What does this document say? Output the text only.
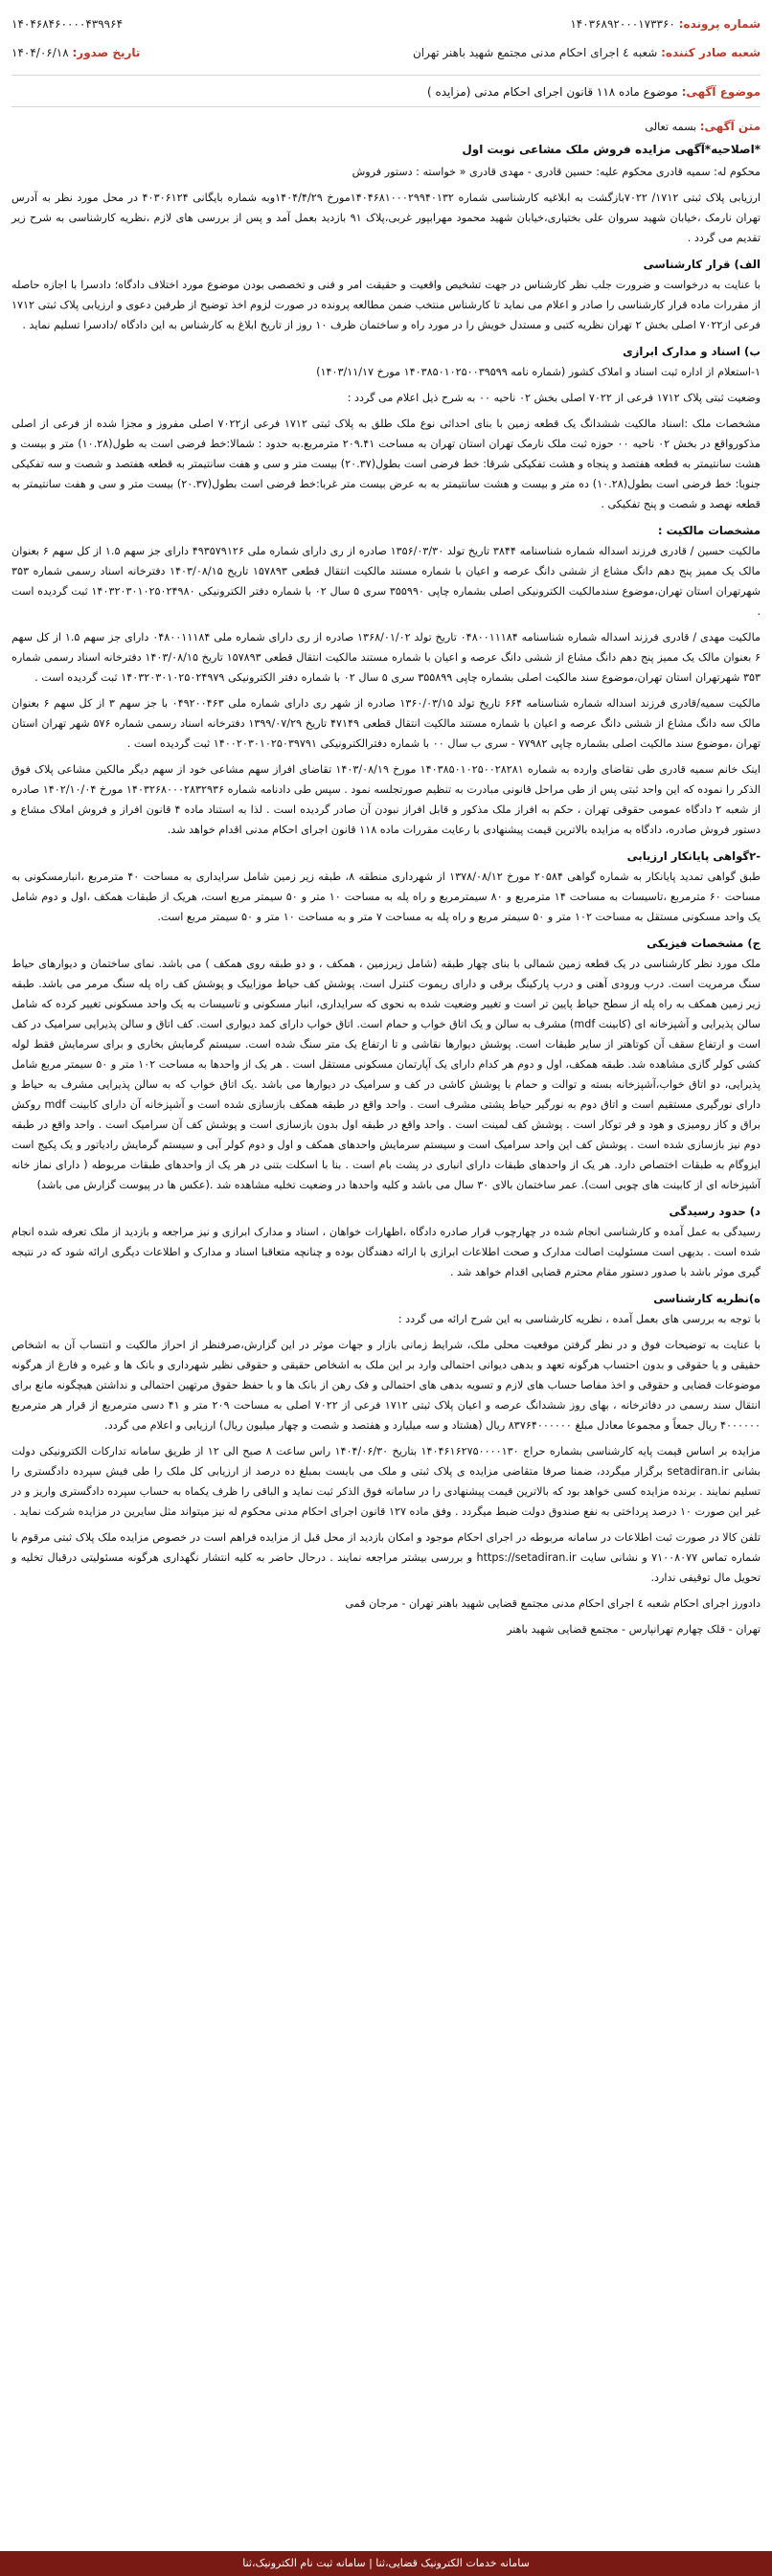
شماره پرونده: ۱۴۰۳۶۸۹۲۰۰۰۱۷۳۳۶۰
۱۴۰۴۶۸۴۶۰۰۰۰۴۳۹۹۶۴
شعبه صادر کننده: شعبه ٤ اجرای احکام مدنی مجتمع شهید باهنر تهران
تاریخ صدور: ۱۴۰۴/۰۶/۱۸
موضوع آگهی: موضوع ماده ۱۱۸ قانون اجرای احکام مدنی (مزایده )
متن آگهی: بسمه تعالی
*اصلاحیه*آگهی مزایده فروش ملک مشاعی نوبت اول
محکوم له: سمیه قادری محکوم علیه: حسین قادری - مهدی قادری « خواسته : دستور فروش
ارزیابی پلاک ثبتی ۱۷۱۲/ ۷۰۲۲بازگشت به ابلاغیه کارشناسی شماره ۱۴۰۴۶۸۱۰۰۰۲۹۹۴۰۱۳۲مورخ ۱۴۰۴/۴/۲۹وبه شماره بایگانی ۴۰۳۰۶۱۲۴ در محل مورد نظر به آدرس تهران نارمک ،خیابان شهید سروان علی بختیاری،خیابان شهید محمود مهرابپور غربی،پلاک ۹۱ بازدید بعمل آمد و پس از بررسی های لازم ،نظریه کارشناسی به شرح زیر تقدیم می گردد .
الف) قرار کارشناسی
با عنایت به درخواست و ضرورت جلب نظر کارشناس در جهت تشخیص واقعیت و حقیقت امر و فنی و تخصصی بودن موضوع مورد اختلاف دادگاه؛ دادسرا با اجازه حاصله از مقررات ماده قرار کارشناسی را صادر و اعلام می نماید تا کارشناس منتخب ضمن مطالعه پرونده در صورت لزوم اخذ توضیح از طرفین دعوی و ارزیابی پلاک ثبتی ۱۷۱۲ فرعی از۷۰۲۲ اصلی بخش ۲ تهران نظریه کتبی و مستدل خویش را در مورد راه و ساختمان ظرف ۱۰ روز از تاریخ ابلاغ به کارشناس به این دادگاه /دادسرا تسلیم نماید .
ب) اسناد و مدارک ابرازی
۱-استعلام از اداره ثبت اسناد و املاک کشور (شماره نامه ۱۴۰۳۸۵۰۱۰۲۵۰۰۳۹۵۹۹ مورخ ۱۴۰۳/۱۱/۱۷)
وضعیت ثبتی پلاک ۱۷۱۲ فرعی از ۷۰۲۲ اصلی بخش ۰۲ ناحیه ۰۰ به شرح ذیل اعلام می گردد :
مشخصات ملک :اسناد مالکیت ششدانگ یک قطعه زمین با بنای احداثی نوع ملک طلق به پلاک ثبتی ۱۷۱۲ فرعی از۷۰۲۲ اصلی مفروز و مجزا شده از فرعی از اصلی مذکورواقع در بخش ۰۲ ناحیه ۰۰ حوزه ثبت ملک نارمک تهران استان تهران به مساحت ۲۰۹.۴۱ مترمربع.به حدود : شمالا:خط فرضی است به طول(۱۰.۲۸) متر و بیست و هشت سانتیمتر به قطعه هفتصد و پنجاه و هشت تفکیکی شرقا: خط فرضی است بطول(۲۰.۳۷) بیست متر و سی و هفت سانتیمتر به قطعه هفتصد و شصت و سه تفکیکی جنوبا: خط فرضی است بطول(۱۰.۲۸) ده متر و بیست و هشت سانتیمتر به به عرض بیست متر غربا:خط فرضی است بطول(۲۰.۳۷) بیست متر و سی و هفت سانتیمتر به قطعه نهصد و شصت و پنج تفکیکی .
مشخصات مالکیت :
مالکیت حسین / قادری فرزند اسداله شماره شناسنامه ۳۸۴۴ تاریخ تولد ۱۳۵۶/۰۳/۳۰ صادره از ری دارای شماره ملی ۴۹۳۵۷۹۱۲۶ دارای جز سهم ۱.۵ از کل سهم ۶ بعنوان مالک یک ممیز پنج دهم دانگ مشاع از ششی دانگ عرصه و اعیان با شماره مستند مالکیت انتقال قطعی ۱۵۷۸۹۳ تاریخ ۱۴۰۳/۰۸/۱۵ دفترخانه اسناد رسمی شماره ۳۵۳ شهرتهران استان تهران،موضوع سندمالکیت الکترونیکی اصلی بشماره چاپی ۳۵۵۹۹۰ سری ۵ سال ۰۲ با شماره دفتر الکترونیکی ۱۴۰۳۲۰۳۰۱۰۲۵۰۲۴۹۸۰ ثبت گردیده است .
مالکیت مهدی / قادری فرزند اسداله شماره شناسنامه ۰۴۸۰۰۱۱۱۸۴ تاریخ تولد ۱۳۶۸/۰۱/۰۲ صادره از ری دارای شماره ملی ۰۴۸۰۰۱۱۱۸۴ دارای جز سهم ۱.۵ از کل سهم ۶ بعنوان مالک یک ممیز پنج دهم دانگ مشاع از ششی دانگ عرصه و اعیان با شماره مستند مالکیت انتقال قطعی ۱۵۷۸۹۳ تاریخ ۱۴۰۳/۰۸/۱۵ دفترخانه اسناد رسمی شماره ۳۵۳ شهرتهران استان تهران،موضوع سند مالکیت اصلی بشماره چاپی ۳۵۵۸۹۹ سری ۵ سال ۰۲ با شماره دفتر الکترونیکی ۱۴۰۳۲۰۳۰۱۰۲۵۰۲۴۹۷۹ ثبت گردیده است .
مالکیت سمیه/قادری فرزند اسداله شماره شناسنامه ۶۶۴ تاریخ تولد ۱۳۶۰/۰۳/۱۵ صادره از شهر ری دارای شماره ملی ۰۴۹۲۰۰۴۶۳ با جز سهم ۳ از کل سهم ۶ بعنوان مالک سه دانگ مشاع از ششی دانگ عرصه و اعیان با شماره مستند مالکیت انتقال قطعی ۴۷۱۴۹ تاریخ ۱۳۹۹/۰۷/۲۹ دفترخانه اسناد رسمی شماره ۵۷۶ شهر تهران استان تهران ،موضوع سند مالکیت اصلی بشماره چاپی ۷۷۹۸۲ - سری ب سال ۰۰ با شماره دفترالکترونیکی ۱۴۰۰۲۰۳۰۱۰۲۵۰۳۹۷۹۱ ثبت گردیده است .
اینک خانم سمیه قادری طی تقاضای وارده به شماره ۱۴۰۳۸۵۰۱۰۲۵۰۰۲۸۲۸۱ مورخ ۱۴۰۳/۰۸/۱۹ تقاضای افراز سهم مشاعی خود از سهم دیگر مالکین مشاعی پلاک فوق الذکر را نموده که این واحد ثبتی پس از طی مراحل قانونی مبادرت به تنظیم صورتجلسه نمود . سپس طی دادنامه شماره ۱۴۰۳۲۶۸۰۰۰۲۸۳۲۹۳۶ مورخ ۱۴۰۲/۱۰/۰۴ صادره از شعبه ۲ دادگاه عمومی حقوقی تهران ، حکم به افراز ملک مذکور و قابل افراز نبودن آن صادر گردیده است . لذا به استناد ماده ۴ قانون افراز و فروش املاک مشاع و دستور فروش صادره، دادگاه به مزایده بالاترین قیمت پیشنهادی با رعایت مقررات ماده ۱۱۸ قانون اجرای احکام مدنی اقدام خواهد شد.
-۲گواهی پایانکار ارزیابی
طبق گواهی تمدید پایانکار به شماره گواهی ۲۰۵۸۴ مورخ ۱۳۷۸/۰۸/۱۲ از شهرداری منطقه ۸، طبقه زیر زمین شامل سرایداری به مساحت ۴۰ مترمربع ،انبارمسکونی به مساحت ۶۰ مترمربع ،تاسیسات به مساحت ۱۴ مترمربع و ۸۰ سیمترمربع و راه پله به مساحت ۱۰ متر و ۵۰ سیمتر مربع است، هریک از طبقات همکف ،اول و دوم شامل یک واحد مسکونی مستقل به مساحت ۱۰۲ متر و ۵۰ سیمتر مربع و راه پله به مساحت ۷ متر و به مساحت ۱۰ متر و ۵۰ سیمتر مربع است.
ج) مشخصات فیزیکی
ملک مورد نظر کارشناسی در یک قطعه زمین شمالی با بنای چهار طبقه (شامل زیرزمین ، همکف ، و دو طبقه روی همکف ) می باشد. نمای ساختمان و دیوارهای حیاط سنگ مرمریت است. درب ورودی آهنی و درب پارکینگ برقی و دارای ریموت کنترل است. پوشش کف حیاط موزاییک و پوشش کف راه پله سنگ مرمر می باشد. طبقه زیر زمین همکف به راه پله از سطح حیاط پایین تر است و تغییر وضعیت شده به نحوی که سرایداری، انبار مسکونی و تاسیسات به یک واحد مسکونی تغییر کرده که شامل سالن پذیرایی و آشپزخانه ای (کابینت mdf) مشرف به سالن و یک اتاق خواب و حمام است. اتاق خواب دارای کمد دیواری است. کف اتاق و سالن پذیرایی سرامیک در کف است و ارتفاع سقف آن کوتاهتر از سایر طبقات است. پوشش دیوارها نقاشی و تا ارتفاع یک متر سنگ شده است. سیستم گرمایش بخاری و برای سرمایش فقط لوله کشی کولر گازی مشاهده شد. طبقه همکف، اول و دوم هر کدام دارای یک آپارتمان مسکونی مستقل است . هر یک از واحدها به مساحت ۱۰۲ متر و ۵۰ سیمتر مربع شامل پذیرایی، دو اتاق خواب،آشپزخانه بسته و توالت و حمام با پوشش کاشی در کف و سرامیک در دیوارها می باشد .یک اتاق خواب که به سالن پذیرایی مشرف به حیاط و دارای نورگیری مستقیم است و اتاق دوم به نورگیر حیاط پشتی مشرف است . واحد واقع در طبقه همکف بازسازی شده است و آشپزخانه آن دارای کابینت mdf روکش براق و کاز رومیزی و هود و فر توکار است . پوشش کف لمینت است . واحد واقع در طبقه اول بدون بازسازی است و پوشش کف آن سرامیک است . واحد واقع در طبقه دوم نیز بازسازی شده است . پوشش کف این واحد سرامیک است و سیستم سرمایش واحدهای همکف و اول و دوم کولر آبی و سیستم گرمایش رادیاتور و یک پکیج است ایزوگام به طبقات اختصاص دارد. هر یک از واحدهای طبقات دارای انباری در پشت بام است . بنا با اسکلت بتنی در هر یک از واحدهای طبقات مربوطه ( دارای نماز خانه آشپزخانه ای از کابینت های چوبی است). عمر ساختمان بالای ۳۰ سال می باشد و کلیه واحدها در وضعیت تخلیه مشاهده شد .(عکس ها در پیوست گزارش می باشد)
د) حدود رسیدگی
رسیدگی به عمل آمده و کارشناسی انجام شده در چهارچوب قرار صادره دادگاه ،اظهارات خواهان ، اسناد و مدارک ابرازی و نیز مراجعه و بازدید از ملک تعرفه شده انجام شده است . بدیهی است مسئولیت اصالت مدارک و صحت اطلاعات ابرازی با ارائه دهندگان بوده و چنانچه متعاقبا اسناد و مدارک و اطلاعات دیگری ارائه شود که در نتیجه گیری موثر باشد با صدور دستور مقام محترم قضایی اقدام خواهد شد .
ه)نظریه کارشناسی
با توجه به بررسی های بعمل آمده ، نظریه کارشناسی به این شرح ارائه می گردد :
با عنایت به توضیحات فوق و در نظر گرفتن موقعیت محلی ملک، شرایط زمانی بازار و جهات موثر در این گزارش،صرفنظر از احراز مالکیت و انتساب آن به اشخاص حقیقی و یا حقوقی و بدون احتساب هرگونه تعهد و بدهی دیوانی احتمالی وارد بر این ملک به اشخاص حقیقی و حقوقی نظیر شهرداری و بانک ها و غیره و فارغ از هرگونه موضوعات قضایی و حقوقی و اخذ مفاصا حساب های لازم و تسویه بدهی های احتمالی و فک رهن از بانک ها و با حفظ حقوق مرتهین احتمالی و نداشتن هیچگونه مانع برای انتقال سند رسمی در دفاترخانه ، بهای روز ششدانگ عرصه و اعیان پلاک ثبتی ۱۷۱۲ فرعی از ۷۰۲۲ اصلی به مساحت ۲۰۹ متر و ۴۱ دسی مترمربع از قرار هر مترمربع ۴۰۰۰۰۰۰ ریال جمعاً و مجموعا معادل مبلغ ۸۳۷۶۴۰۰۰۰۰۰ ریال (هشتاد و سه میلیارد و هفتصد و شصت و چهار میلیون ریال) ارزیابی و اعلام می گردد.
مزایده بر اساس قیمت پایه کارشناسی بشماره حراج ۱۴۰۴۶۱۶۲۷۵۰۰۰۰۱۳۰ بتاریخ ۱۴۰۴/۰۶/۳۰ راس ساعت ۸ صبح الی ۱۲ از طریق سامانه تدارکات الکترونیکی دولت بشانی setadiran.ir برگزار میگردد، ضمنا صرفا متقاضی مزایده ی پلاک ثبتی و ملک می بایست بمبلغ ده درصد از ارزیابی کل ملک را طی فیش سپرده دادگستری را تسلیم نمایند . برنده مزایده کسی خواهد بود که بالاترین قیمت پیشنهادی را در سامانه فوق الذکر ثبت نماید و الباقی را ظرف یکماه به حساب سپرده دادگستری واریز و در غیر این صورت ۱۰ درصد پرداختی به نفع صندوق دولت ضبط میگردد . وفق ماده ۱۲۷ قانون اجرای احکام مدنی محکوم له نیز میتواند مثل سایرین در مزایده شرکت نماید .
تلفن کالا در صورت ثبت اطلاعات در سامانه مربوطه در اجرای احکام موجود و امکان بازدید از محل قبل از مزایده فراهم است در خصوص مزایده ملک پلاک ثبتی مرقوم با شماره تماس ۷۱۰۰۸۰۷۷ و نشانی سایت https://setadiran.ir و بررسی بیشتر مراجعه نمایند . درحال حاضر به کلیه انتشار نگهداری هرگونه مسئولیتی درقبال تخلیه و تحویل مال توقیفی ندارد.
دادورز اجرای احکام شعبه ٤ اجرای احکام مدنی مجتمع قضایی شهید باهنر تهران - مرجان قمی
تهران - قلک چهارم تهرانپارس - مجتمع قضایی شهید باهنر
سامانه خدمات الکترونیک قضایی،ثنا | سامانه ثبت نام الکترونیک،ثنا
